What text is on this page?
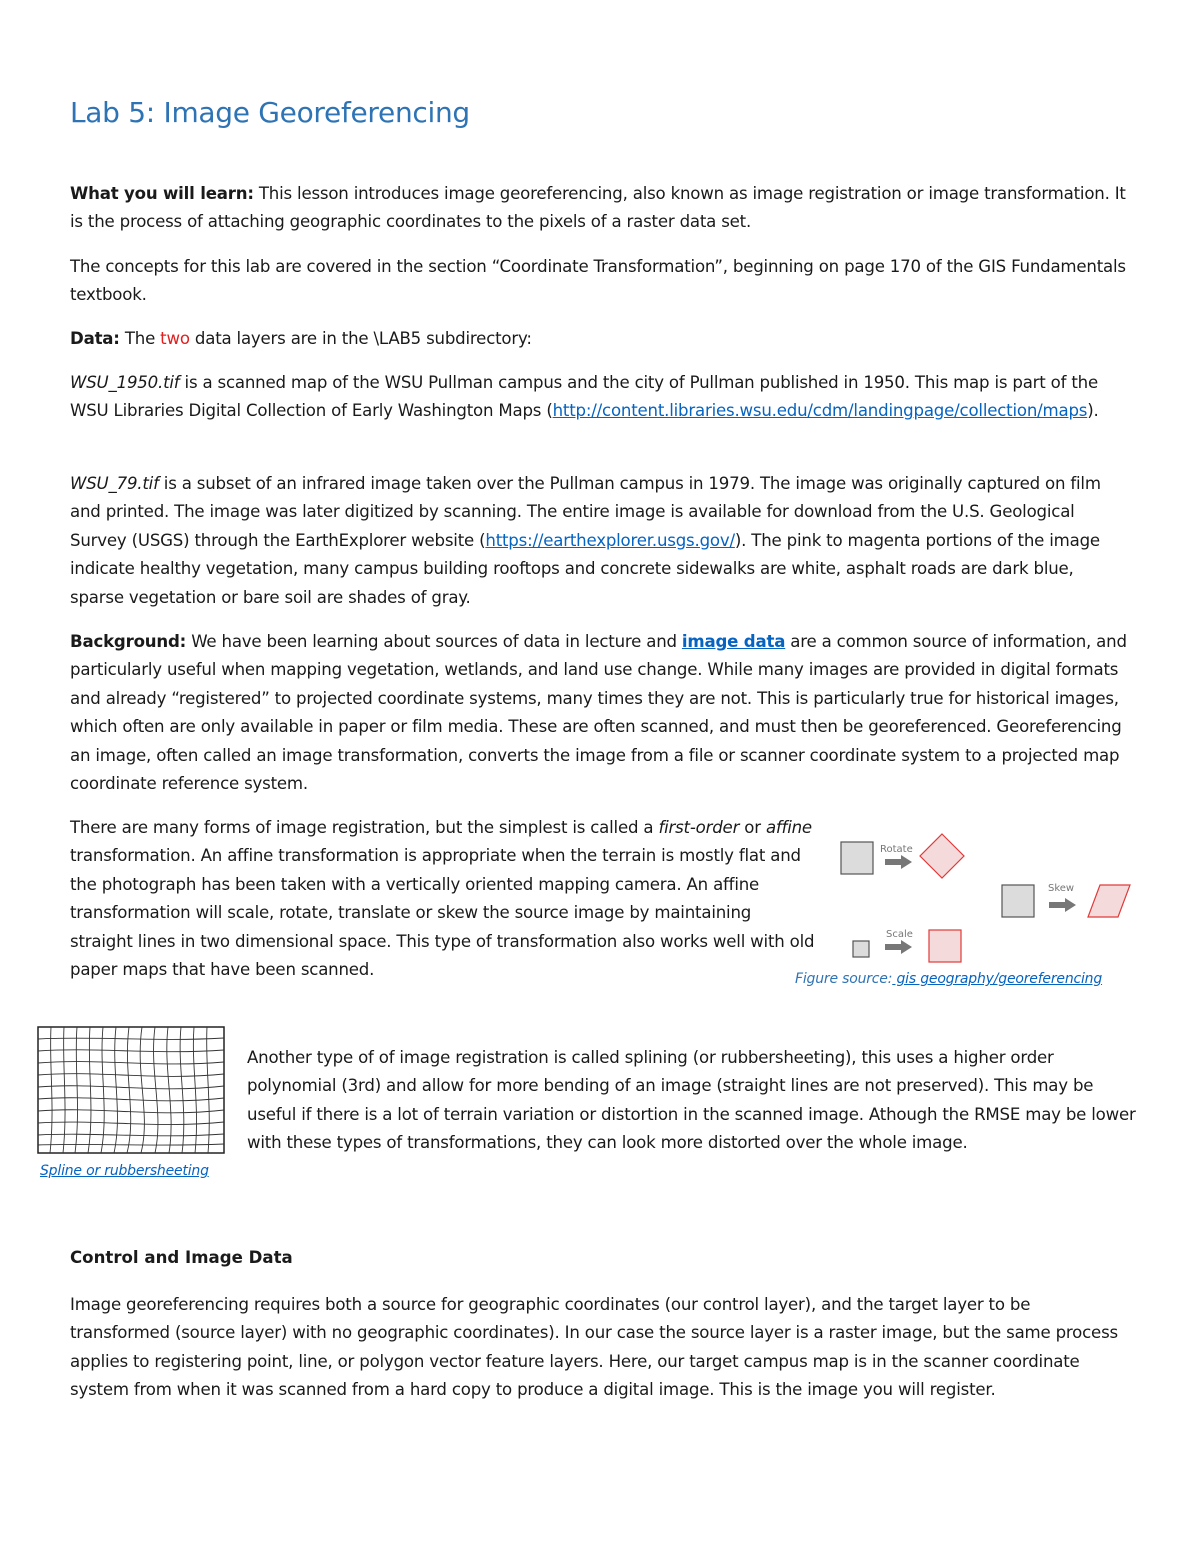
Lab 5: Image Georeferencing

What you will learn: This lesson introduces image georeferencing, also known as image registration or image transformation. It is the process of attaching geographic coordinates to the pixels of a raster data set.

The concepts for this lab are covered in the section “Coordinate Transformation”, beginning on page 170 of the GIS Fundamentals textbook.

Data: The two data layers are in the \LAB5 subdirectory:

WSU_1950.tif is a scanned map of the WSU Pullman campus and the city of Pullman published in 1950. This map is part of the WSU Libraries Digital Collection of Early Washington Maps (http://content.libraries.wsu.edu/cdm/landingpage/collection/maps).

WSU_79.tif is a subset of an infrared image taken over the Pullman campus in 1979. The image was originally captured on film and printed. The image was later digitized by scanning. The entire image is available for download from the U.S. Geological Survey (USGS) through the EarthExplorer website (https://earthexplorer.usgs.gov/). The pink to magenta portions of the image indicate healthy vegetation, many campus building rooftops and concrete sidewalks are white, asphalt roads are dark blue, sparse vegetation or bare soil are shades of gray.

Background: We have been learning about sources of data in lecture and image data are a common source of information, and particularly useful when mapping vegetation, wetlands, and land use change. While many images are provided in digital formats and already “registered” to projected coordinate systems, many times they are not. This is particularly true for historical images, which often are only available in paper or film media. These are often scanned, and must then be georeferenced. Georeferencing an image, often called an image transformation, converts the image from a file or scanner coordinate system to a projected map coordinate reference system.

There are many forms of image registration, but the simplest is called a first-order or affine transformation. An affine transformation is appropriate when the terrain is mostly flat and the photograph has been taken with a vertically oriented mapping camera. An affine transformation will scale, rotate, translate or skew the source image by maintaining straight lines in two dimensional space. This type of transformation also works well with old paper maps that have been scanned.

Rotate
Skew
Scale

Figure source: gis geography/georeferencing

Spline or rubbersheeting

Another type of of image registration is called splining (or rubbersheeting), this uses a higher order polynomial (3rd) and allow for more bending of an image (straight lines are not preserved). This may be useful if there is a lot of terrain variation or distortion in the scanned image. Athough the RMSE may be lower with these types of transformations, they can look more distorted over the whole image.

Control and Image Data

Image georeferencing requires both a source for geographic coordinates (our control layer), and the target layer to be transformed (source layer) with no geographic coordinates). In our case the source layer is a raster image, but the same process applies to registering point, line, or polygon vector feature layers. Here, our target campus map is in the scanner coordinate system from when it was scanned from a hard copy to produce a digital image. This is the image you will register.
